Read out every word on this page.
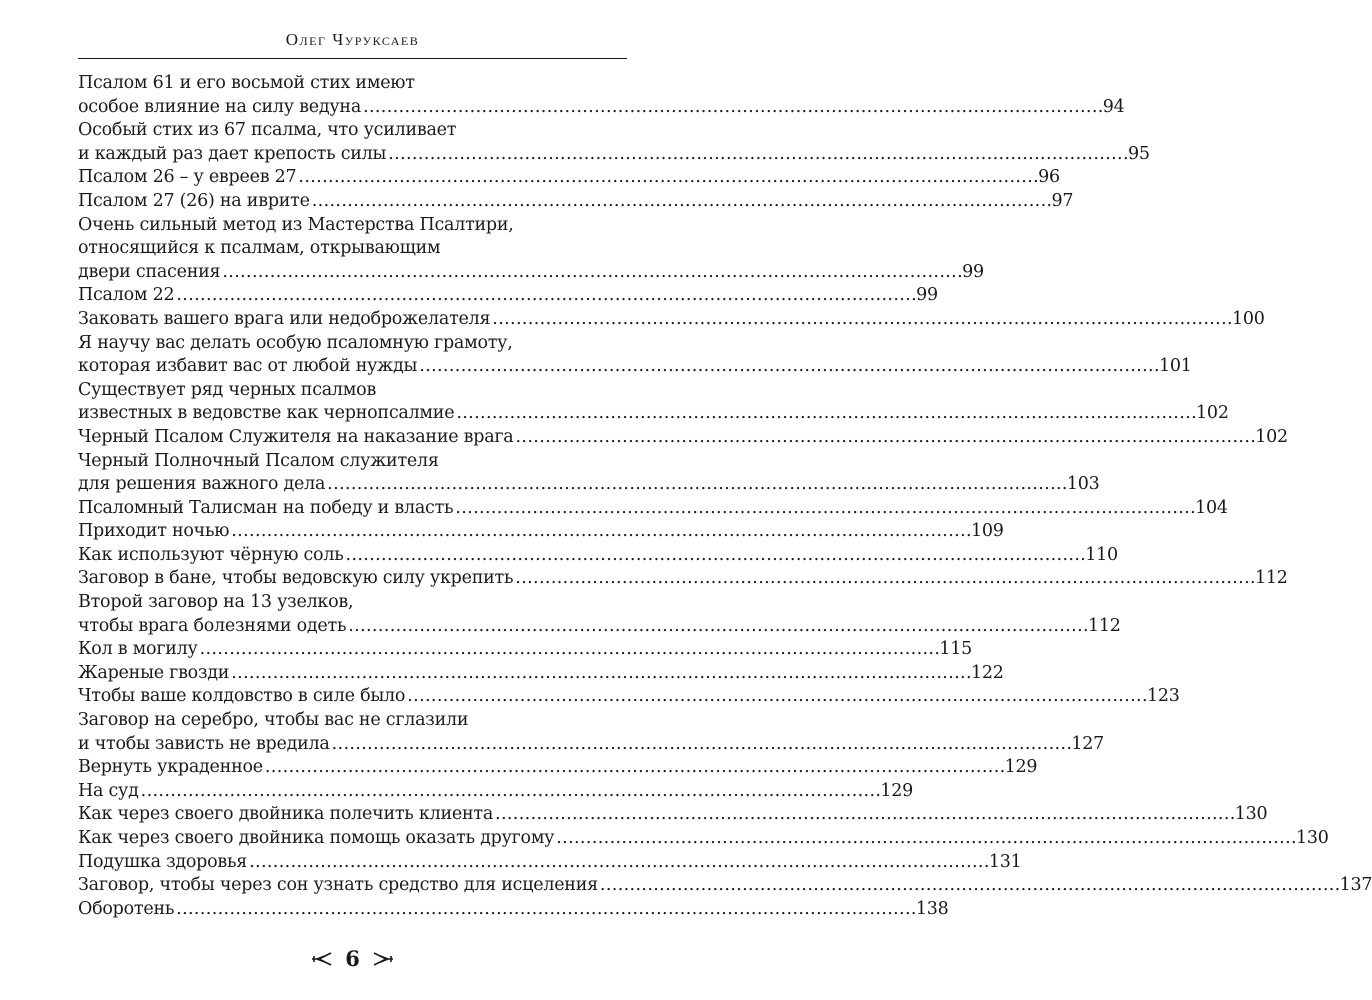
Олег Чуруксаев
Псалом 61 и его восьмой стих имеют
особое влияние на силу ведуна . . .	94
Особый стих из 67 псалма, что усиливает
и каждый раз дает крепость силы . . .	95
Псалом 26 – у евреев 27 . . .	96
Псалом 27 (26) на иврите . . .	97
Очень сильный метод из Мастерства Псалтири,
относящийся к псалмам, открывающим
двери спасения . . .	99
Псалом 22 . . .	99
Заковать вашего врага или недоброжелателя . . .	100
Я научу вас делать особую псаломную грамоту,
которая избавит вас от любой нужды . . .	101
Существует ряд черных псалмов
известных в ведовстве как чернопсалмие . . .	102
Черный Псалом Служителя на наказание врага . . .	102
Черный Полночный Псалом служителя
для решения важного дела . . .	103
Псаломный Талисман на победу и власть . . .	104
Приходит ночью . . .	109
Как используют чёрную соль . . .	110
Заговор в бане, чтобы ведовскую силу укрепить . . .	112
Второй заговор на 13 узелков,
чтобы врага болезнями одеть . . .	112
Кол в могилу . . .	115
Жареные гвозди . . .	122
Чтобы ваше колдовство в силе было . . .	123
Заговор на серебро, чтобы вас не сглазили
и чтобы зависть не вредила . . .	127
Вернуть украденное . . .	129
На суд . . .	129
Как через своего двойника полечить клиента . . .	130
Как через своего двойника помощь оказать другому . . .	130
Подушка здоровья . . .	131
Заговор, чтобы через сон узнать средство для исцеления . . .	137
Оборотень . . .	138
6
